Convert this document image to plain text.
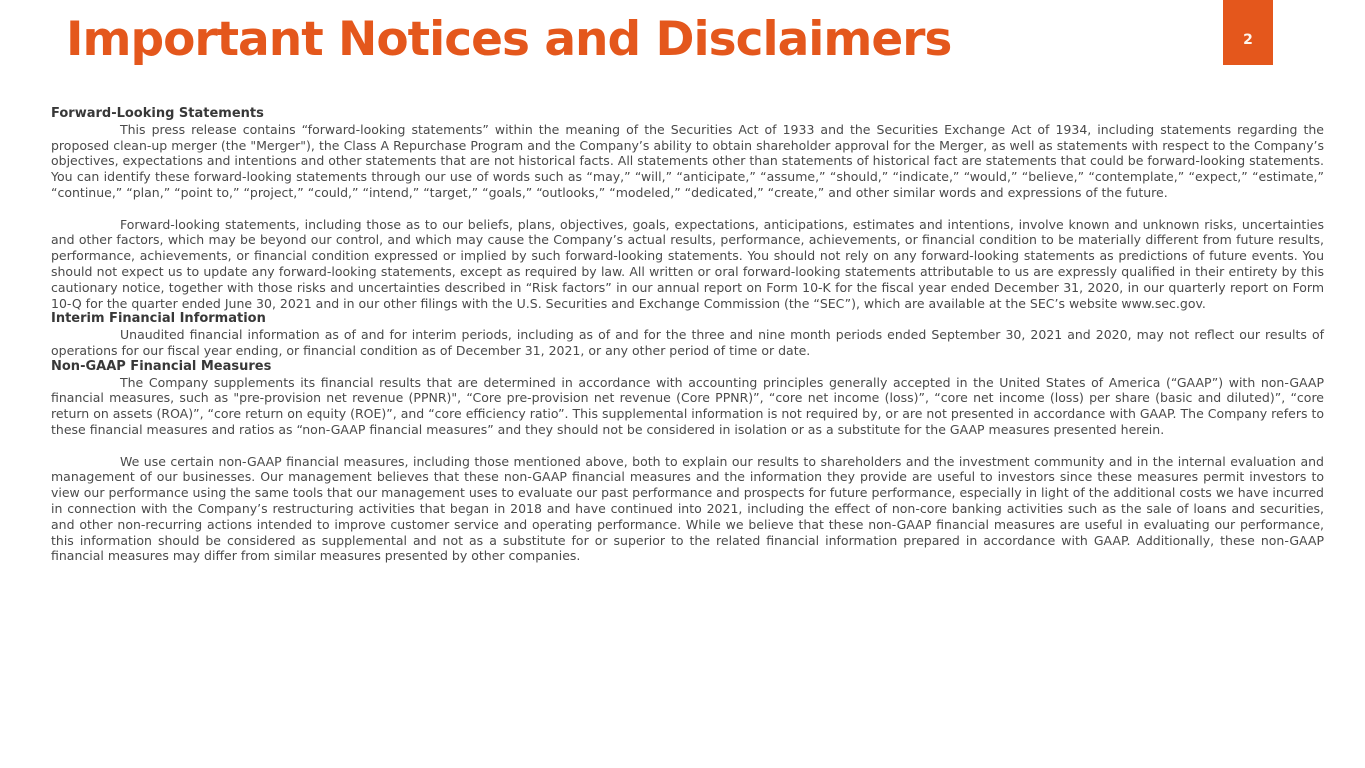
Important Notices and Disclaimers	2
Forward-Looking Statements

This press release contains “forward-looking statements” within the meaning of the Securities Act of 1933 and the Securities Exchange Act of 1934, including statements regarding the proposed clean-up merger (the "Merger"), the Class A Repurchase Program and the Company’s ability to obtain shareholder approval for the Merger, as well as statements with respect to the Company’s objectives, expectations and intentions and other statements that are not historical facts. All statements other than statements of historical fact are statements that could be forward-looking statements. You can identify these forward-looking statements through our use of words such as “may,” “will,” “anticipate,” “assume,” “should,” “indicate,” “would,” “believe,” “contemplate,” “expect,” “estimate,” “continue,” “plan,” “point to,” “project,” “could,” “intend,” “target,” “goals,” “outlooks,” “modeled,” “dedicated,” “create,” and other similar words and expressions of the future.

Forward-looking statements, including those as to our beliefs, plans, objectives, goals, expectations, anticipations, estimates and intentions, involve known and unknown risks, uncertainties and other factors, which may be beyond our control, and which may cause the Company’s actual results, performance, achievements, or financial condition to be materially different from future results, performance, achievements, or financial condition expressed or implied by such forward-looking statements. You should not rely on any forward-looking statements as predictions of future events. You should not expect us to update any forward-looking statements, except as required by law. All written or oral forward-looking statements attributable to us are expressly qualified in their entirety by this cautionary notice, together with those risks and uncertainties described in “Risk factors” in our annual report on Form 10-K for the fiscal year ended December 31, 2020, in our quarterly report on Form 10-Q for the quarter ended June 30, 2021 and in our other filings with the U.S. Securities and Exchange Commission (the “SEC”), which are available at the SEC’s website www.sec.gov.

Interim Financial Information

Unaudited financial information as of and for interim periods, including as of and for the three and nine month periods ended September 30, 2021 and 2020, may not reflect our results of operations for our fiscal year ending, or financial condition as of December 31, 2021, or any other period of time or date.

Non-GAAP Financial Measures

The Company supplements its financial results that are determined in accordance with accounting principles generally accepted in the United States of America (“GAAP”) with non-GAAP financial measures, such as "pre-provision net revenue (PPNR)", “Core pre-provision net revenue (Core PPNR)”, “core net income (loss)”, “core net income (loss) per share (basic and diluted)”, “core return on assets (ROA)”, “core return on equity (ROE)”, and “core efficiency ratio”. This supplemental information is not required by, or are not presented in accordance with GAAP. The Company refers to these financial measures and ratios as “non-GAAP financial measures” and they should not be considered in isolation or as a substitute for the GAAP measures presented herein.

We use certain non-GAAP financial measures, including those mentioned above, both to explain our results to shareholders and the investment community and in the internal evaluation and management of our businesses. Our management believes that these non-GAAP financial measures and the information they provide are useful to investors since these measures permit investors to view our performance using the same tools that our management uses to evaluate our past performance and prospects for future performance, especially in light of the additional costs we have incurred in connection with the Company’s restructuring activities that began in 2018 and have continued into 2021, including the effect of non-core banking activities such as the sale of loans and securities, and other non-recurring actions intended to improve customer service and operating performance. While we believe that these non-GAAP financial measures are useful in evaluating our performance, this information should be considered as supplemental and not as a substitute for or superior to the related financial information prepared in accordance with GAAP. Additionally, these non-GAAP financial measures may differ from similar measures presented by other companies.
